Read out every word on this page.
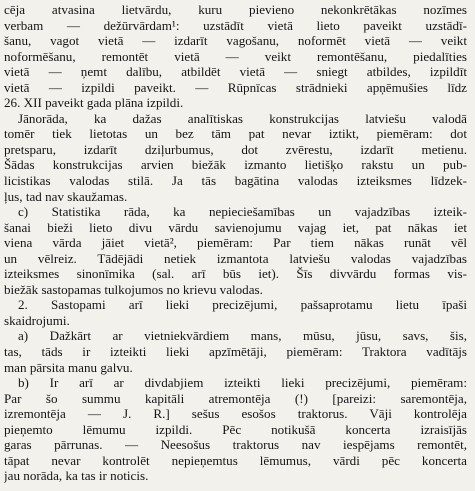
cēja atvasina lietvārdu, kuru pievieno nekonkrētākas nozīmes
verbam — dežūrvārdam¹: uzstādīt vietā lieto paveikt uzstādī-
šanu, vagot vietā — izdarīt vagošanu, noformēt vietā — veikt
noformēšanu, remontēt vietā — veikt remontēšanu, piedalīties
vietā — ņemt dalību, atbildēt vietā — sniegt atbildes, izpildīt
vietā — izpildi paveikt. — Rūpnīcas strādnieki apņēmušies līdz
26. XII paveikt gada plāna izpildi.
Jānorāda, ka dažas analītiskas konstrukcijas latviešu valodā
tomēr tiek lietotas un bez tām pat nevar iztikt, piemēram: dot
pretsparu, izdarīt dziļurbumus, dot zvērestu, izdarīt metienu.
Šādas konstrukcijas arvien biežāk izmanto lietišķo rakstu un pub-
licistikas valodas stilā. Ja tās bagātina valodas izteiksmes līdzek-
ļus, tad nav skaužamas.
c) Statistika rāda, ka nepieciešamības un vajadzības izteik-
šanai bieži lieto divu vārdu savienojumu vajag iet, pat nākas iet
viena vārda jāiet vietā², piemēram: Par tiem nākas runāt vēl
un vēlreiz. Tādējādi netiek izmantota latviešu valodas vajadzības
izteiksmes sinonīmika (sal. arī būs iet). Šīs divvārdu formas vis-
biežāk sastopamas tulkojumos no krievu valodas.
2. Sastopami arī lieki precizējumi, pašsaprotamu lietu īpaši
skaidrojumi.
a) Dažkārt ar vietniekvārdiem mans, mūsu, jūsu, savs, šis,
tas, tāds ir izteikti lieki apzīmētāji, piemēram: Traktora vadītājs
man pārsita manu galvu.
b) Ir arī ar divdabjiem izteikti lieki precizējumi, piemēram:
Par šo summu kapitāli atremontēja (!) [pareizi: saremontēja,
izremontēja — J. R.] sešus esošos traktorus. Vāji kontrolēja
pieņemto lēmumu izpildi. Pēc notikušā koncerta izraisījās
garas pārrunas. — Neesošus traktorus nav iespējams remontēt,
tāpat nevar kontrolēt nepieņemtus lēmumus, vārdi pēc koncerta
jau norāda, ka tas ir noticis.
